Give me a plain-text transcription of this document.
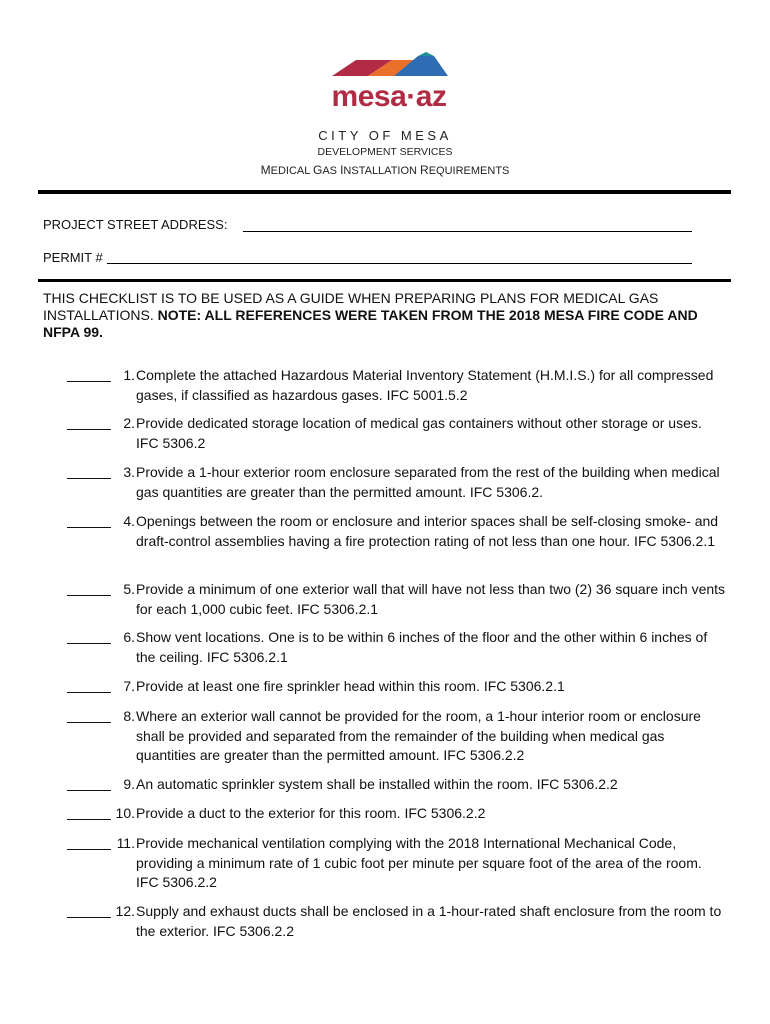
mesa·az
CITY OF MESA
DEVELOPMENT SERVICES
MEDICAL GAS INSTALLATION REQUIREMENTS
PROJECT STREET ADDRESS:
PERMIT #
THIS CHECKLIST IS TO BE USED AS A GUIDE WHEN PREPARING PLANS FOR MEDICAL GAS INSTALLATIONS. NOTE: ALL REFERENCES WERE TAKEN FROM THE 2018 MESA FIRE CODE AND NFPA 99.
1. Complete the attached Hazardous Material Inventory Statement (H.M.I.S.) for all compressed gases, if classified as hazardous gases. IFC 5001.5.2
2. Provide dedicated storage location of medical gas containers without other storage or uses. IFC 5306.2
3. Provide a 1-hour exterior room enclosure separated from the rest of the building when medical gas quantities are greater than the permitted amount. IFC 5306.2.
4. Openings between the room or enclosure and interior spaces shall be self-closing smoke- and draft-control assemblies having a fire protection rating of not less than one hour. IFC 5306.2.1
5. Provide a minimum of one exterior wall that will have not less than two (2) 36 square inch vents for each 1,000 cubic feet. IFC 5306.2.1
6. Show vent locations. One is to be within 6 inches of the floor and the other within 6 inches of the ceiling. IFC 5306.2.1
7. Provide at least one fire sprinkler head within this room. IFC 5306.2.1
8. Where an exterior wall cannot be provided for the room, a 1-hour interior room or enclosure shall be provided and separated from the remainder of the building when medical gas quantities are greater than the permitted amount. IFC 5306.2.2
9. An automatic sprinkler system shall be installed within the room. IFC 5306.2.2
10. Provide a duct to the exterior for this room. IFC 5306.2.2
11. Provide mechanical ventilation complying with the 2018 International Mechanical Code, providing a minimum rate of 1 cubic foot per minute per square foot of the area of the room. IFC 5306.2.2
12. Supply and exhaust ducts shall be enclosed in a 1-hour-rated shaft enclosure from the room to the exterior. IFC 5306.2.2
